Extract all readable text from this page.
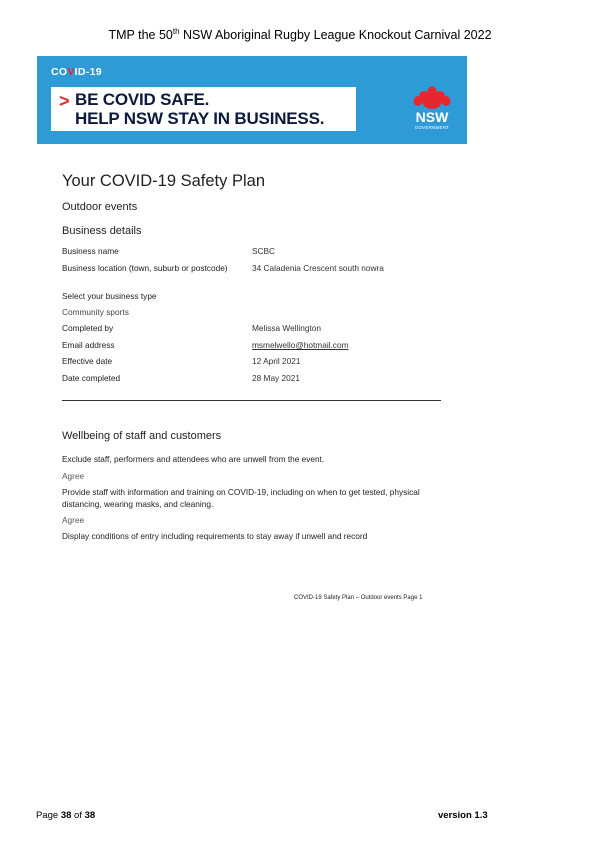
TMP the 50th NSW Aboriginal Rugby League Knockout Carnival 2022
COVID-19
> BE COVID SAFE.
HELP NSW STAY IN BUSINESS.	NSW
GOVERNMENT
Your COVID-19 Safety Plan
Outdoor events
Business details
Business name	SCBC
Business location (town, suburb or postcode)	34 Caladenia Crescent south nowra
Select your business type
Community sports
Completed by	Melissa Wellington
Email address	msmelwello@hotmail.com
Effective date	12 April 2021
Date completed	28 May 2021
Wellbeing of staff and customers
Exclude staff, performers and attendees who are unwell from the event.
Agree
Provide staff with information and training on COVID-19, including on when to get tested, physical distancing, wearing masks, and cleaning.
Agree
Display conditions of entry including requirements to stay away if unwell and record
COVID-19 Safety Plan – Outdoor events Page 1
Page 38 of 38	version 1.3
